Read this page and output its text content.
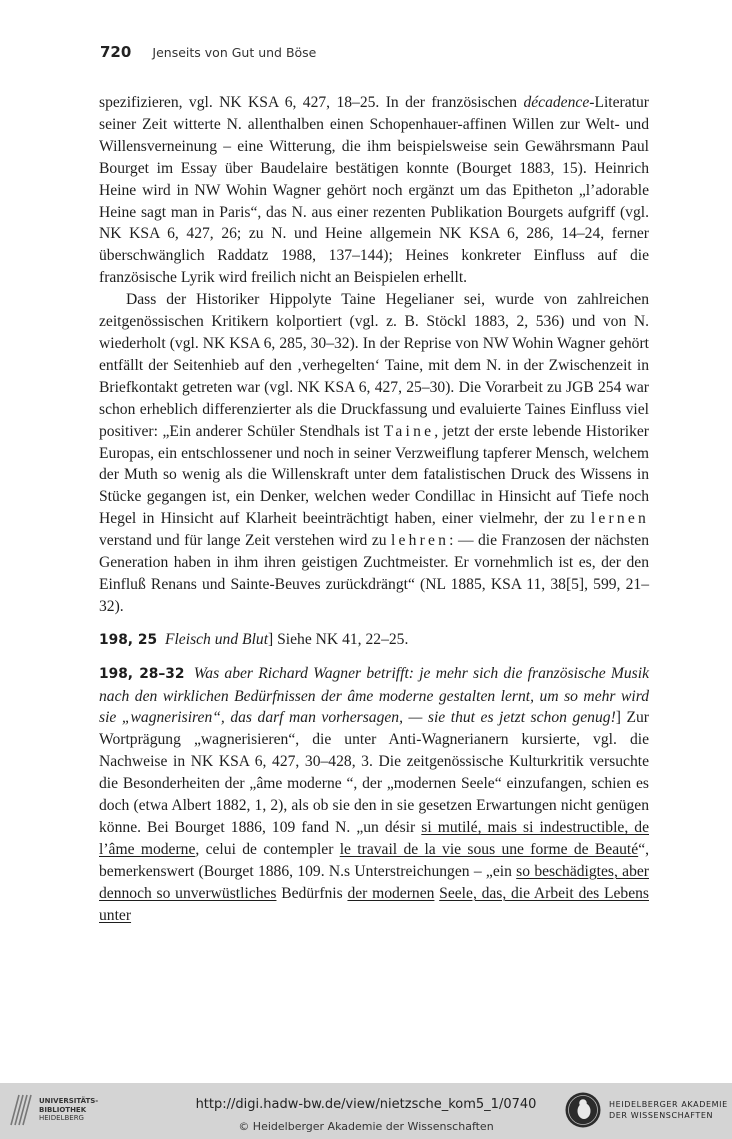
720 Jenseits von Gut und Böse

spezifizieren, vgl. NK KSA 6, 427, 18–25. In der französischen décadence-Literatur seiner Zeit witterte N. allenthalben einen Schopenhauer-affinen Willen zur Welt- und Willensverneinung – eine Witterung, die ihm beispielsweise sein Gewährsmann Paul Bourget im Essay über Baudelaire bestätigen konnte (Bourget 1883, 15). Heinrich Heine wird in NW Wohin Wagner gehört noch ergänzt um das Epitheton „l’adorable Heine sagt man in Paris“, das N. aus einer rezenten Publikation Bourgets aufgriff (vgl. NK KSA 6, 427, 26; zu N. und Heine allgemein NK KSA 6, 286, 14–24, ferner überschwänglich Raddatz 1988, 137–144); Heines konkreter Einfluss auf die französische Lyrik wird freilich nicht an Beispielen erhellt.

Dass der Historiker Hippolyte Taine Hegelianer sei, wurde von zahlreichen zeitgenössischen Kritikern kolportiert (vgl. z. B. Stöckl 1883, 2, 536) und von N. wiederholt (vgl. NK KSA 6, 285, 30–32). In der Reprise von NW Wohin Wagner gehört entfällt der Seitenhieb auf den ‚verhegelten‘ Taine, mit dem N. in der Zwischenzeit in Briefkontakt getreten war (vgl. NK KSA 6, 427, 25–30). Die Vorarbeit zu JGB 254 war schon erheblich differenzierter als die Druckfassung und evaluierte Taines Einfluss viel positiver: „Ein anderer Schüler Stendhals ist Taine, jetzt der erste lebende Historiker Europas, ein entschlossener und noch in seiner Verzweiflung tapferer Mensch, welchem der Muth so wenig als die Willenskraft unter dem fatalistischen Druck des Wissens in Stücke gegangen ist, ein Denker, welchen weder Condillac in Hinsicht auf Tiefe noch Hegel in Hinsicht auf Klarheit beeinträchtigt haben, einer vielmehr, der zu lernen verstand und für lange Zeit verstehen wird zu lehren: — die Franzosen der nächsten Generation haben in ihm ihren geistigen Zuchtmeister. Er vornehmlich ist es, der den Einfluß Renans und Sainte-Beuves zurückdrängt“ (NL 1885, KSA 11, 38[5], 599, 21–32).

198, 25 Fleisch und Blut] Siehe NK 41, 22–25.

198, 28–32 Was aber Richard Wagner betrifft: je mehr sich die französische Musik nach den wirklichen Bedürfnissen der âme moderne gestalten lernt, um so mehr wird sie „wagnerisiren“, das darf man vorhersagen, — sie thut es jetzt schon genug!] Zur Wortprägung „wagnerisieren“, die unter Anti-Wagnerianern kursierte, vgl. die Nachweise in NK KSA 6, 427, 30–428, 3. Die zeitgenössische Kulturkritik versuchte die Besonderheiten der „âme moderne “, der „modernen Seele“ einzufangen, schien es doch (etwa Albert 1882, 1, 2), als ob sie den in sie gesetzen Erwartungen nicht genügen könne. Bei Bourget 1886, 109 fand N. „un désir si mutilé, mais si indestructible, de l’âme moderne, celui de contempler le travail de la vie sous une forme de Beauté“, bemerkenswert (Bourget 1886, 109. N.s Unterstreichungen – „ein so beschädigtes, aber dennoch so unverwüstliches Bedürfnis der modernen Seele, das, die Arbeit des Lebens unter

UNIVERSITÄTS-
BIBLIOTHEK
HEIDELBERG
http://digi.hadw-bw.de/view/nietzsche_kom5_1/0740
© Heidelberger Akademie der Wissenschaften
HEIDELBERGER AKADEMIE
DER WISSENSCHAFTEN
